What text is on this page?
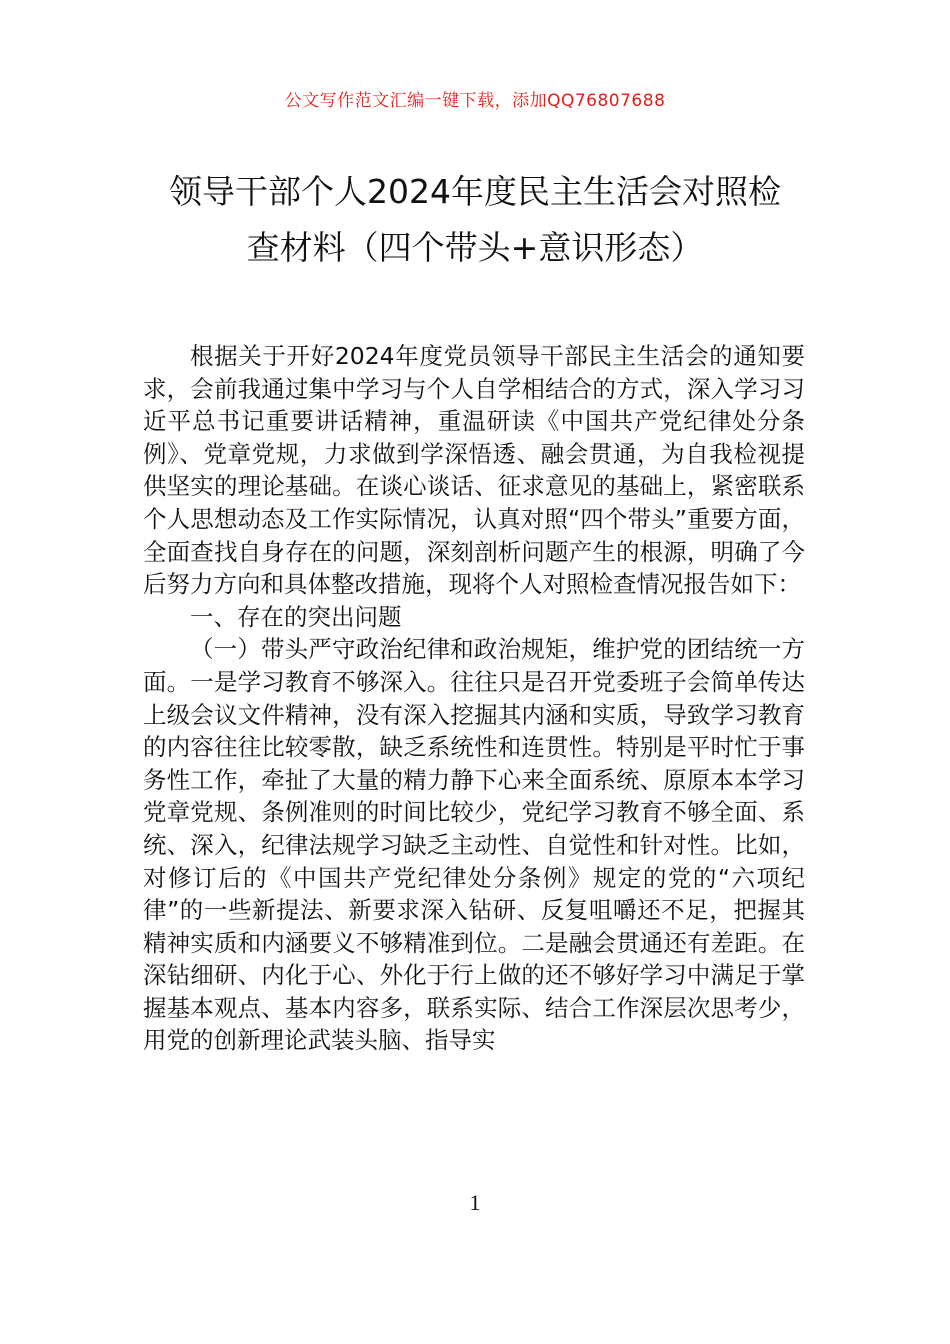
公文写作范文汇编一键下载，添加QQ76807688
领导干部个人2024年度民主生活会对照检
查材料（四个带头+意识形态）

根据关于开好2024年度党员领导干部民主生活会的通知要求，会前我通过集中学习与个人自学相结合的方式，深入学习习近平总书记重要讲话精神，重温研读《中国共产党纪律处分条例》、党章党规，力求做到学深悟透、融会贯通，为自我检视提供坚实的理论基础。在谈心谈话、征求意见的基础上，紧密联系个人思想动态及工作实际情况，认真对照“四个带头”重要方面，全面查找自身存在的问题，深刻剖析问题产生的根源，明确了今后努力方向和具体整改措施，现将个人对照检查情况报告如下：

一、存在的突出问题

（一）带头严守政治纪律和政治规矩，维护党的团结统一方面。一是学习教育不够深入。往往只是召开党委班子会简单传达上级会议文件精神，没有深入挖掘其内涵和实质，导致学习教育的内容往往比较零散，缺乏系统性和连贯性。特别是平时忙于事务性工作，牵扯了大量的精力静下心来全面系统、原原本本学习党章党规、条例准则的时间比较少，党纪学习教育不够全面、系统、深入，纪律法规学习缺乏主动性、自觉性和针对性。比如，对修订后的《中国共产党纪律处分条例》规定的党的“六项纪律”的一些新提法、新要求深入钻研、反复咀嚼还不足，把握其精神实质和内涵要义不够精准到位。二是融会贯通还有差距。在深钻细研、内化于心、外化于行上做的还不够好学习中满足于掌握基本观点、基本内容多，联系实际、结合工作深层次思考少，用党的创新理论武装头脑、指导实

1
